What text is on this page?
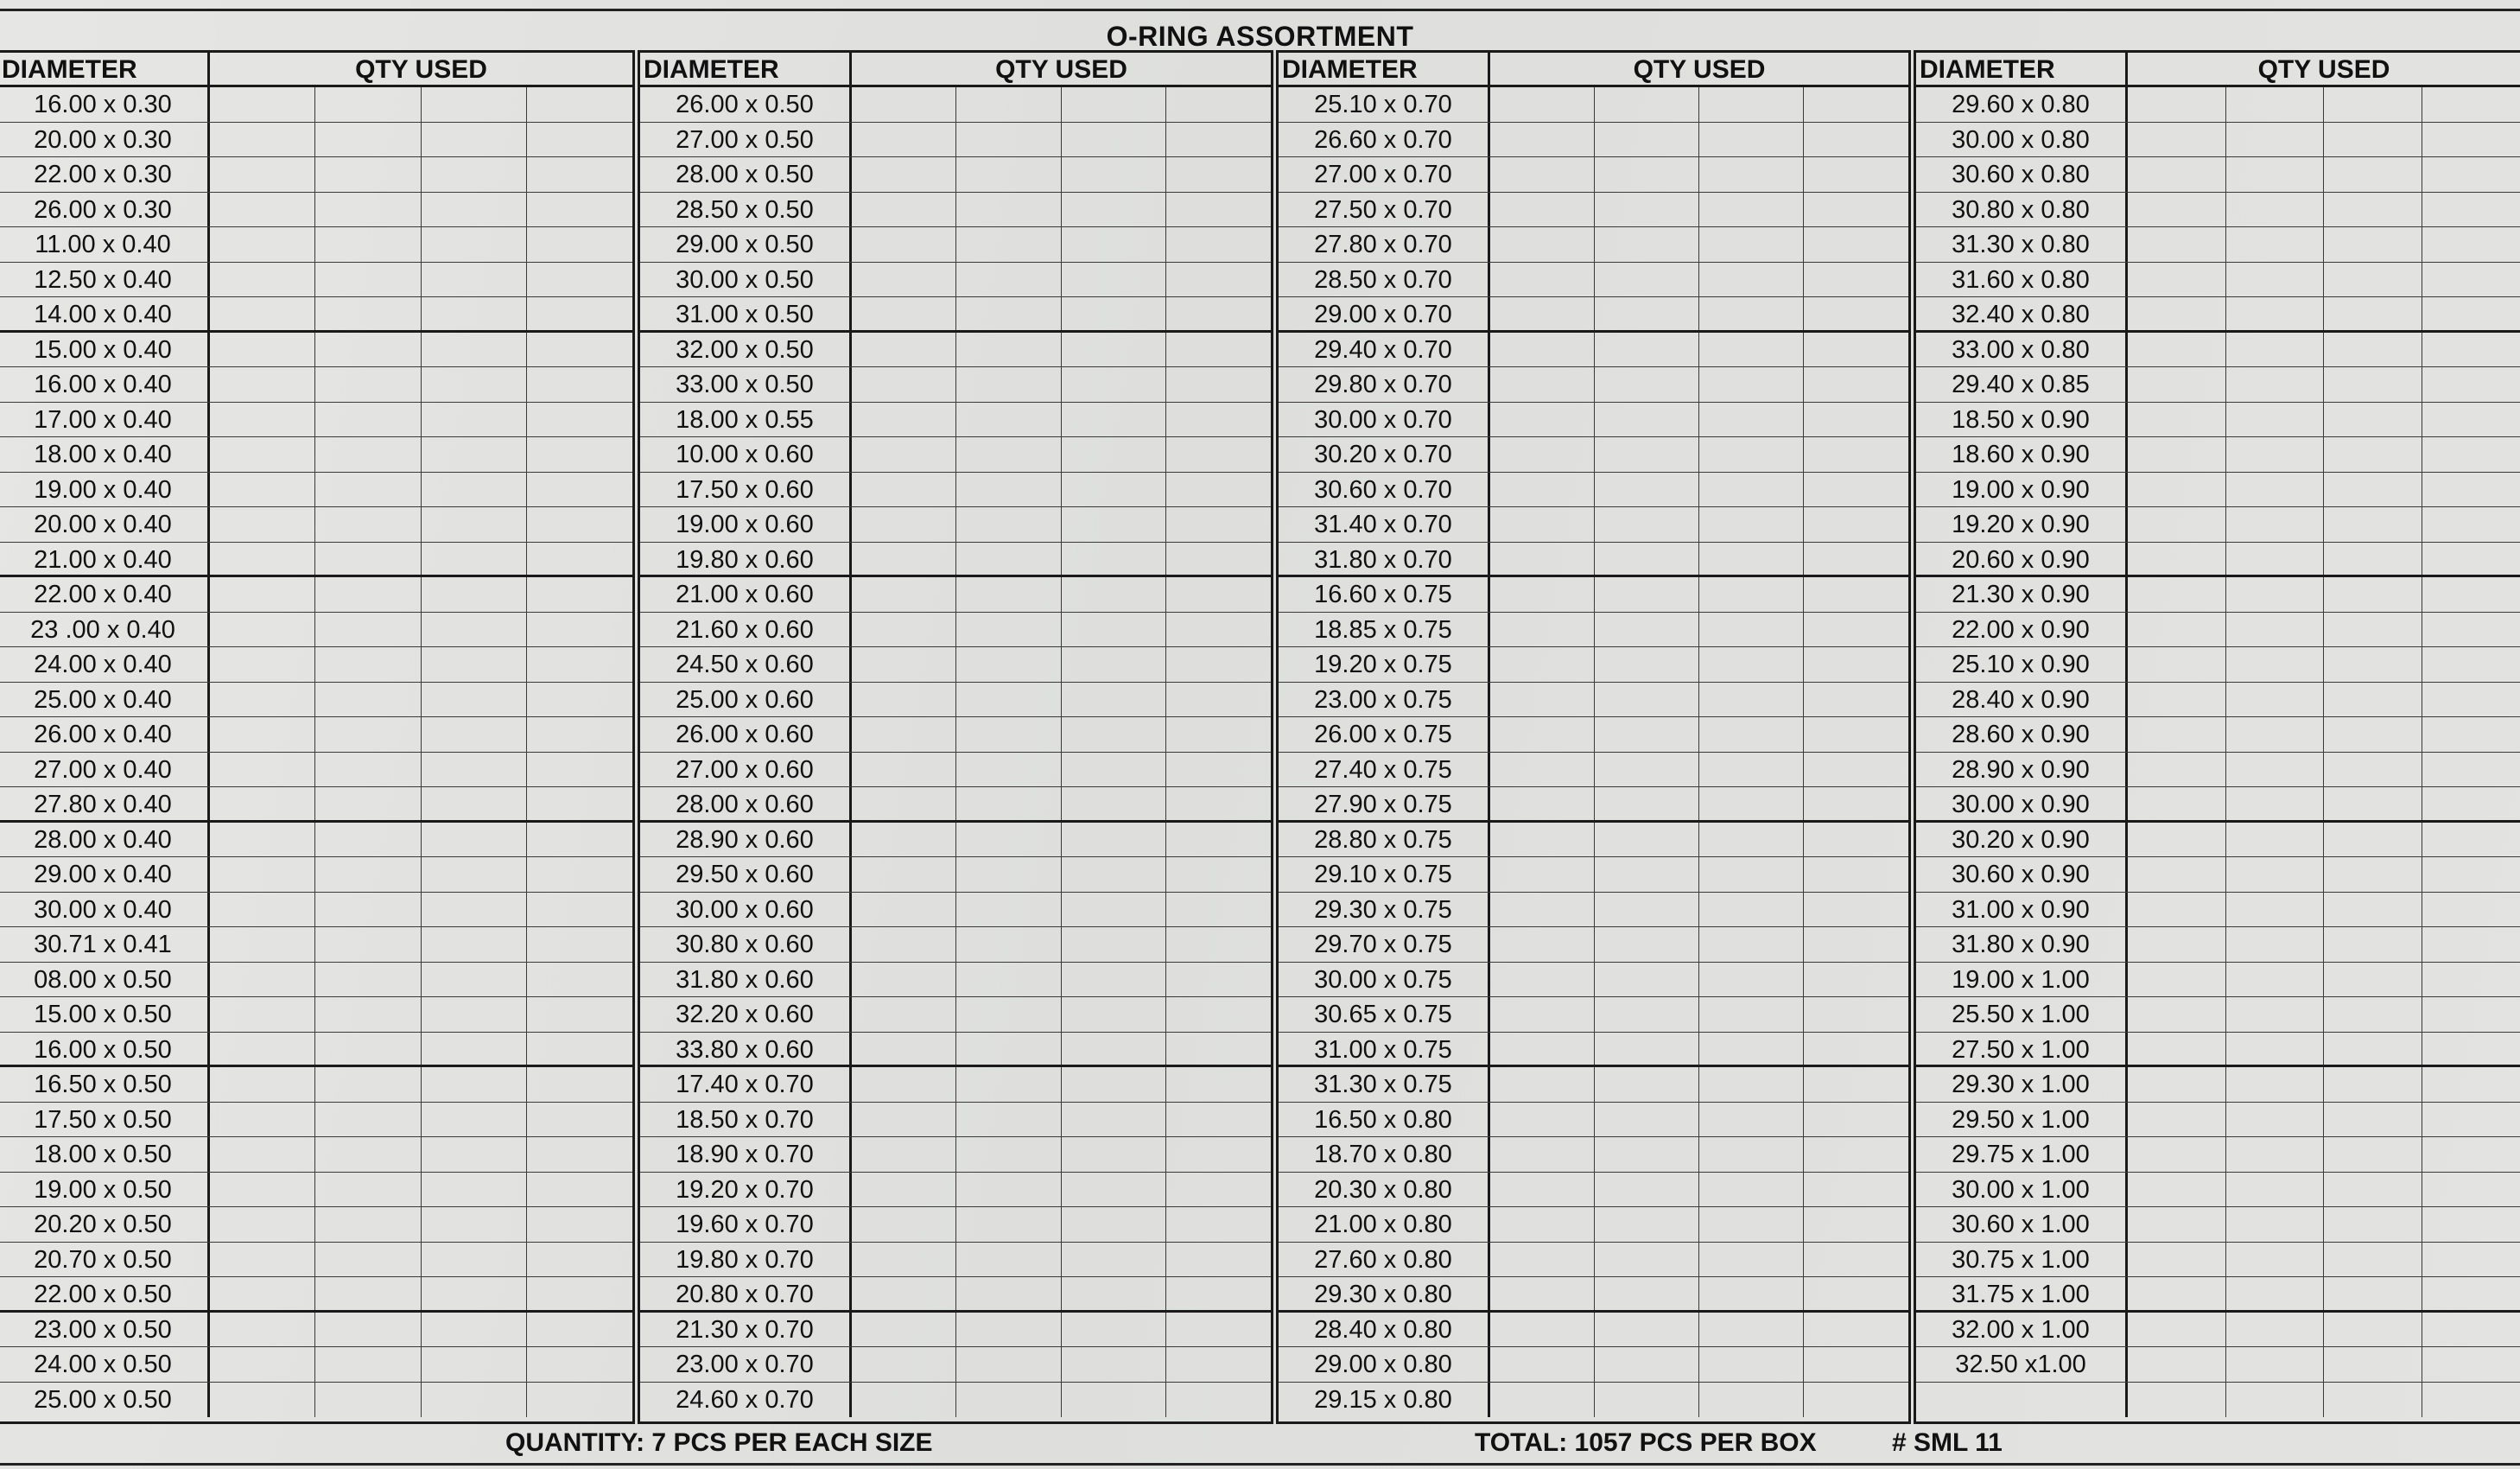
O-RING ASSORTMENT
DIAMETER	QTY USED
16.00 x 0.30
20.00 x 0.30
22.00 x 0.30
26.00 x 0.30
11.00 x 0.40
12.50 x 0.40
14.00 x 0.40
15.00 x 0.40
16.00 x 0.40
17.00 x 0.40
18.00 x 0.40
19.00 x 0.40
20.00 x 0.40
21.00 x 0.40
22.00 x 0.40
23 .00 x 0.40
24.00 x 0.40
25.00 x 0.40
26.00 x 0.40
27.00 x 0.40
27.80 x 0.40
28.00 x 0.40
29.00 x 0.40
30.00 x 0.40
30.71 x 0.41
08.00 x 0.50
15.00 x 0.50
16.00 x 0.50
16.50 x 0.50
17.50 x 0.50
18.00 x 0.50
19.00 x 0.50
20.20 x 0.50
20.70 x 0.50
22.00 x 0.50
23.00 x 0.50
24.00 x 0.50
25.00 x 0.50
DIAMETER	QTY USED
26.00 x 0.50
27.00 x 0.50
28.00 x 0.50
28.50 x 0.50
29.00 x 0.50
30.00 x 0.50
31.00 x 0.50
32.00 x 0.50
33.00 x 0.50
18.00 x 0.55
10.00 x 0.60
17.50 x 0.60
19.00 x 0.60
19.80 x 0.60
21.00 x 0.60
21.60 x 0.60
24.50 x 0.60
25.00 x 0.60
26.00 x 0.60
27.00 x 0.60
28.00 x 0.60
28.90 x 0.60
29.50 x 0.60
30.00 x 0.60
30.80 x 0.60
31.80 x 0.60
32.20 x 0.60
33.80 x 0.60
17.40 x 0.70
18.50 x 0.70
18.90 x 0.70
19.20 x 0.70
19.60 x 0.70
19.80 x 0.70
20.80 x 0.70
21.30 x 0.70
23.00 x 0.70
24.60 x 0.70
DIAMETER	QTY USED
25.10 x 0.70
26.60 x 0.70
27.00 x 0.70
27.50 x 0.70
27.80 x 0.70
28.50 x 0.70
29.00 x 0.70
29.40 x 0.70
29.80 x 0.70
30.00 x 0.70
30.20 x 0.70
30.60 x 0.70
31.40 x 0.70
31.80 x 0.70
16.60 x 0.75
18.85 x 0.75
19.20 x 0.75
23.00 x 0.75
26.00 x 0.75
27.40 x 0.75
27.90 x 0.75
28.80 x 0.75
29.10 x 0.75
29.30 x 0.75
29.70 x 0.75
30.00 x 0.75
30.65 x 0.75
31.00 x 0.75
31.30 x 0.75
16.50 x 0.80
18.70 x 0.80
20.30 x 0.80
21.00 x 0.80
27.60 x 0.80
29.30 x 0.80
28.40 x 0.80
29.00 x 0.80
29.15 x 0.80
DIAMETER	QTY USED
29.60 x 0.80
30.00 x 0.80
30.60 x 0.80
30.80 x 0.80
31.30 x 0.80
31.60 x 0.80
32.40 x 0.80
33.00 x 0.80
29.40 x 0.85
18.50 x 0.90
18.60 x 0.90
19.00 x 0.90
19.20 x 0.90
20.60 x 0.90
21.30 x 0.90
22.00 x 0.90
25.10 x 0.90
28.40 x 0.90
28.60 x 0.90
28.90 x 0.90
30.00 x 0.90
30.20 x 0.90
30.60 x 0.90
31.00 x 0.90
31.80 x 0.90
19.00 x 1.00
25.50 x 1.00
27.50 x 1.00
29.30 x 1.00
29.50 x 1.00
29.75 x 1.00
30.00 x 1.00
30.60 x 1.00
30.75 x 1.00
31.75 x 1.00
32.00 x 1.00
32.50 x1.00
QUANTITY: 7 PCS PER EACH SIZE	TOTAL: 1057 PCS PER BOX	# SML 11
